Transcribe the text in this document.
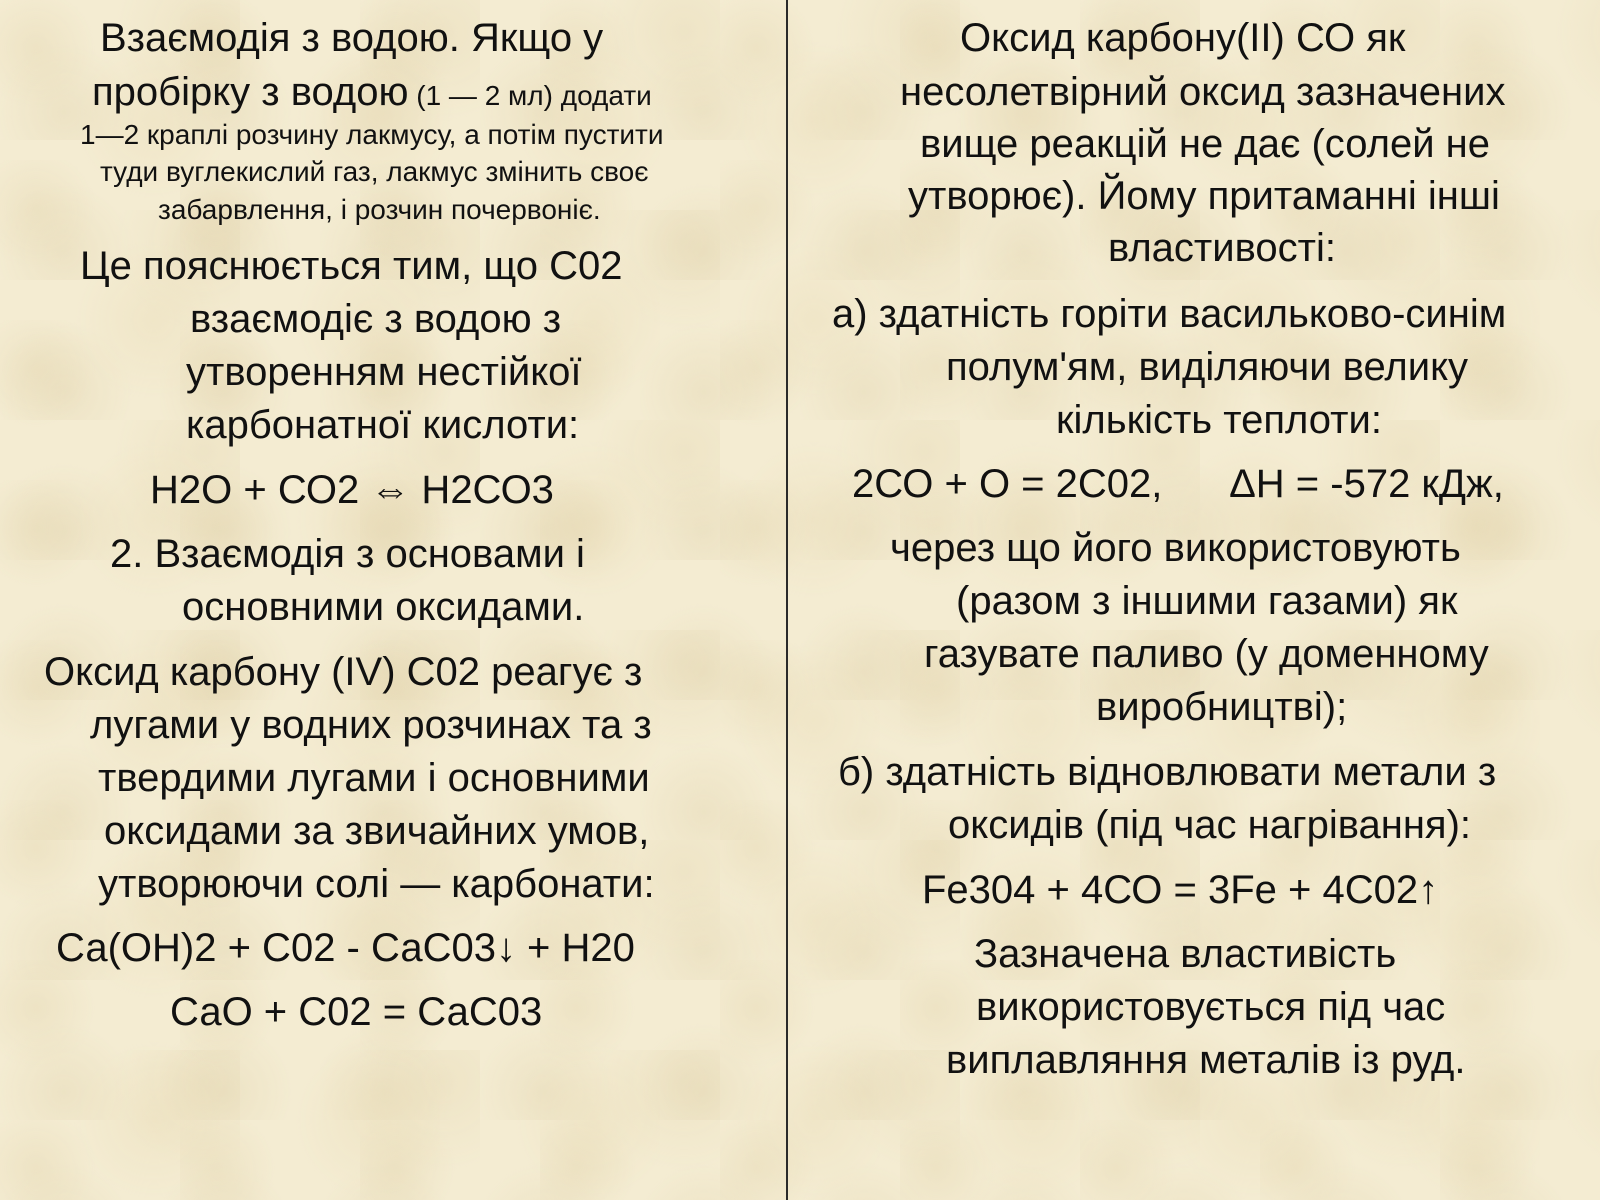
Взаємодія з водою. Якщо у
пробірку з водою (1 — 2 мл) додати
1—2 краплі розчину лакмусу, а потім пустити
туди вуглекислий газ, лакмус змінить своє
забарвлення, і розчин почервоніє.
Це пояснюється тим, що С02
взаємодіє з водою з
утворенням нестійкої
карбонатної кислоти:
Н2О + СО2 ⇔ Н2СО3
2. Взаємодія з основами і
основними оксидами.
Оксид карбону (IV) С02 реагує з
лугами у водних розчинах та з
твердими лугами і основними
оксидами за звичайних умов,
утворюючи солі — карбонати:
Са(ОН)2 + С02 - СаС03↓ + Н20
СаО + С02 = СаС03
Оксид карбону(ІІ) СО як
несолетвірний оксид зазначених
вище реакцій не дає (солей не
утворює). Йому притаманні інші
властивості:
а) здатність горіти васильково-синім
полум'ям, виділяючи велику
кількість теплоти:
2СО + О = 2С02,      ΔН = -572 кДж,
через що його використовують
(разом з іншими газами) як
газувате паливо (у доменному
виробництві);
б) здатність відновлювати метали з
оксидів (під час нагрівання):
Fe304 + 4СО = 3Fe + 4С02↑
Зазначена властивість
використовується під час
виплавляння металів із руд.
